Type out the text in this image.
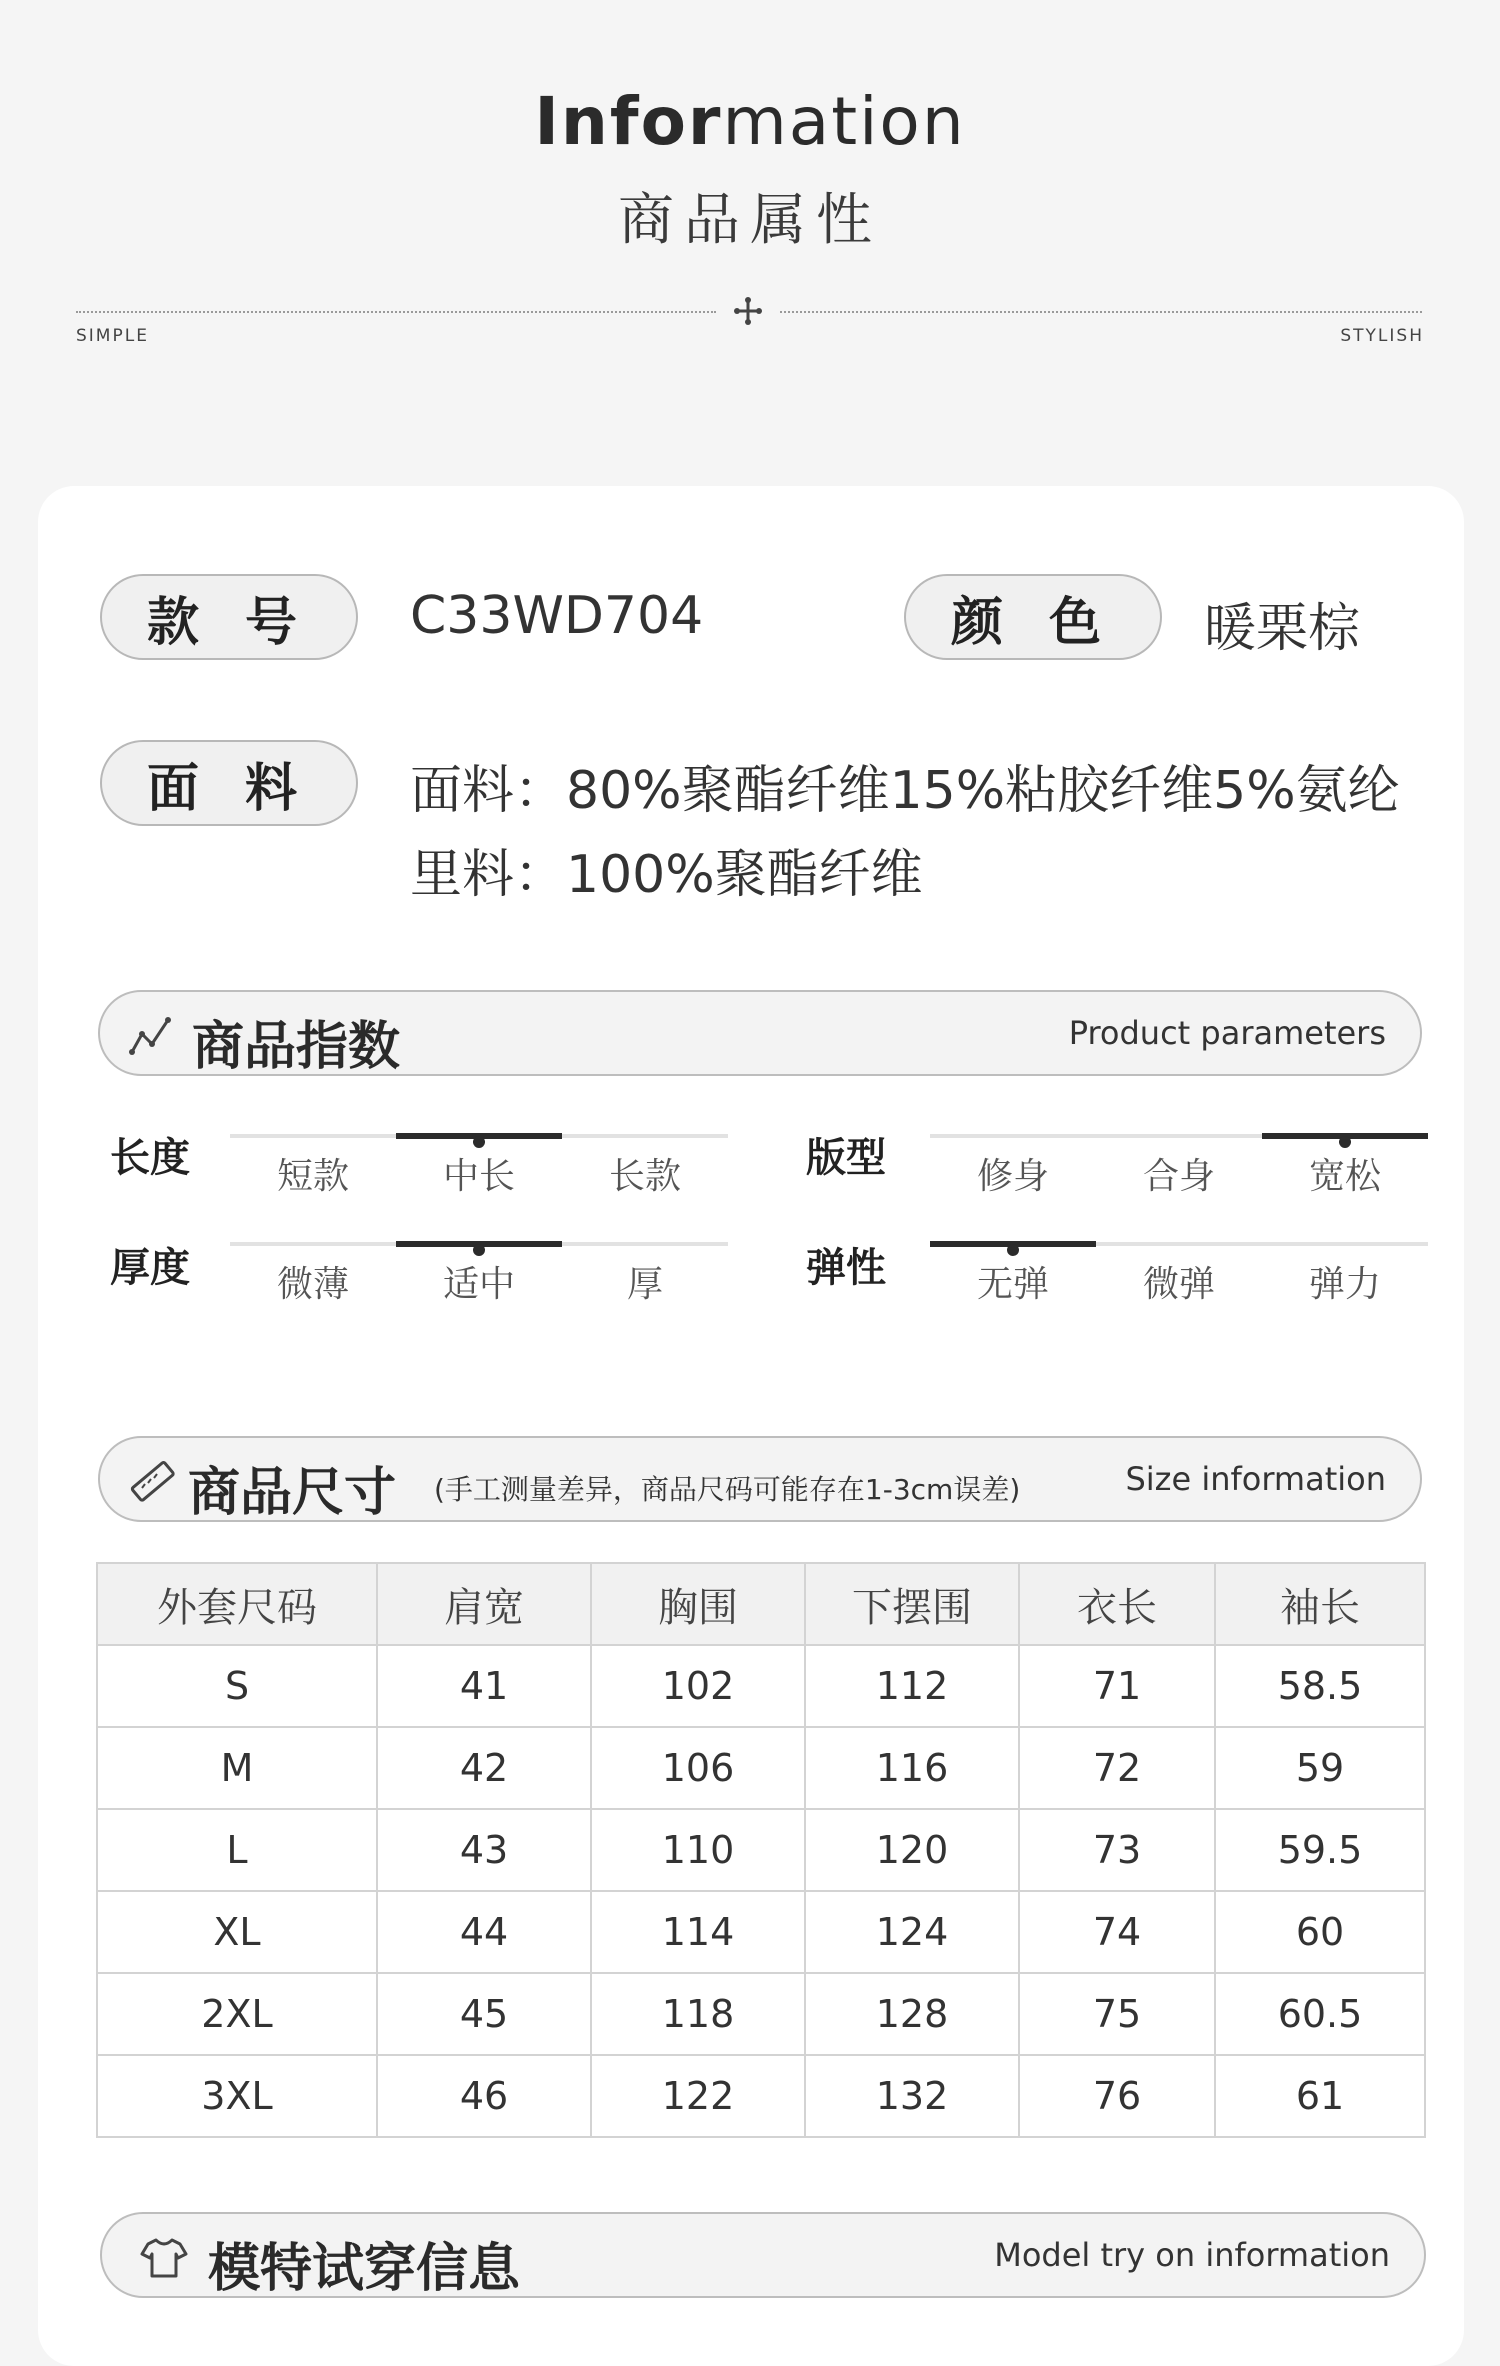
Information
商品属性
SIMPLE	STYLISH
款 号	C33WD704	颜 色	暖栗棕
面 料	面料：80%聚酯纤维15%粘胶纤维5%氨纶
里料：100%聚酯纤维
商品指数	Product parameters
长度	短款	中长	长款	版型	修身	合身	宽松
厚度	微薄	适中	厚	弹性	无弹	微弹	弹力
商品尺寸 (手工测量差异，商品尺码可能存在1-3cm误差)	Size information
外套尺码	肩宽	胸围	下摆围	衣长	袖长
S	41	102	112	71	58.5
M	42	106	116	72	59
L	43	110	120	73	59.5
XL	44	114	124	74	60
2XL	45	118	128	75	60.5
3XL	46	122	132	76	61
模特试穿信息	Model try on information
